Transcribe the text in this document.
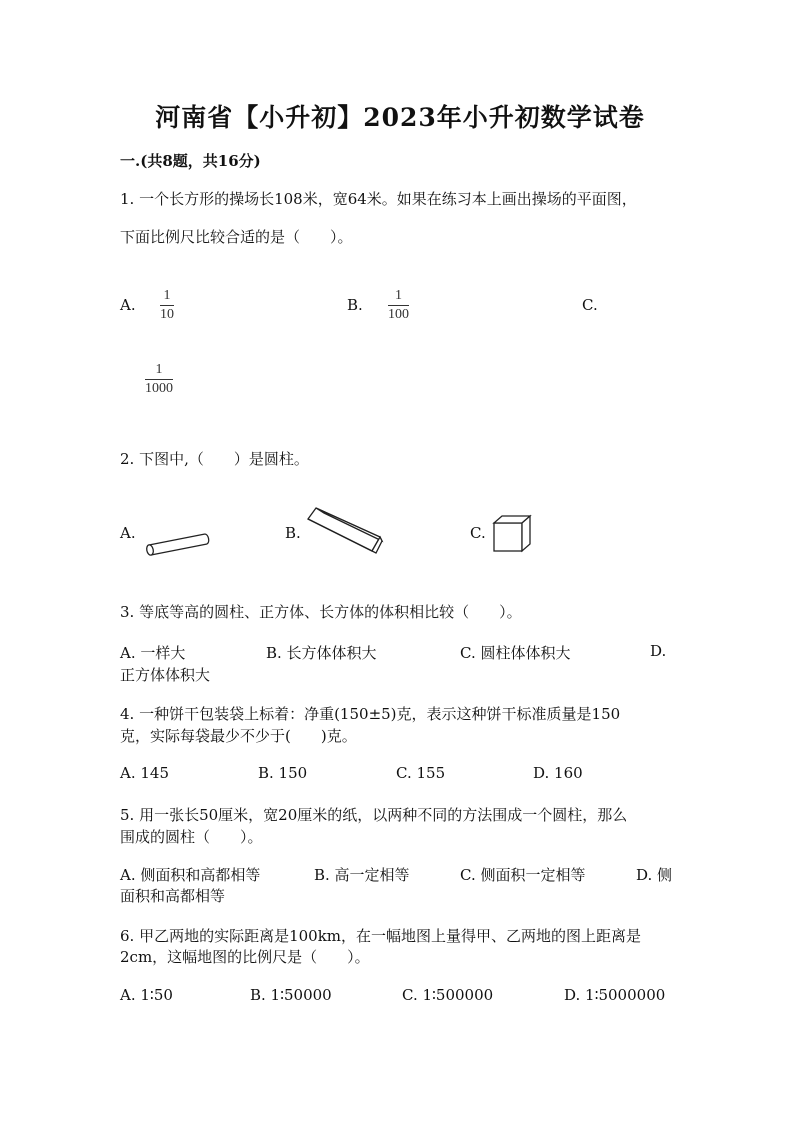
河南省【小升初】2023年小升初数学试卷
一.(共8题，共16分)
1. 一个长方形的操场长108米，宽64米。如果在练习本上画出操场的平面图，
下面比例尺比较合适的是（　　）。
A.
1
10
B.
1
100
C.
1
1000
2. 下图中,（　　）是圆柱。
A.	B.	C.
3. 等底等高的圆柱、正方体、长方体的体积相比较（　　）。
A. 一样大	B. 长方体体积大	C. 圆柱体体积大	D.
正方体体积大
4. 一种饼干包装袋上标着：净重(150±5)克，表示这种饼干标准质量是150
克，实际每袋最少不少于(　　)克。
A. 145	B. 150	C. 155	D. 160
5. 用一张长50厘米，宽20厘米的纸，以两种不同的方法围成一个圆柱，那么
围成的圆柱（　　）。
A. 侧面积和高都相等	B. 高一定相等	C. 侧面积一定相等	D. 侧
面积和高都相等
6. 甲乙两地的实际距离是100km，在一幅地图上量得甲、乙两地的图上距离是
2cm，这幅地图的比例尺是（　　）。
A. 1∶50	B. 1∶50000	C. 1∶500000	D. 1∶5000000
